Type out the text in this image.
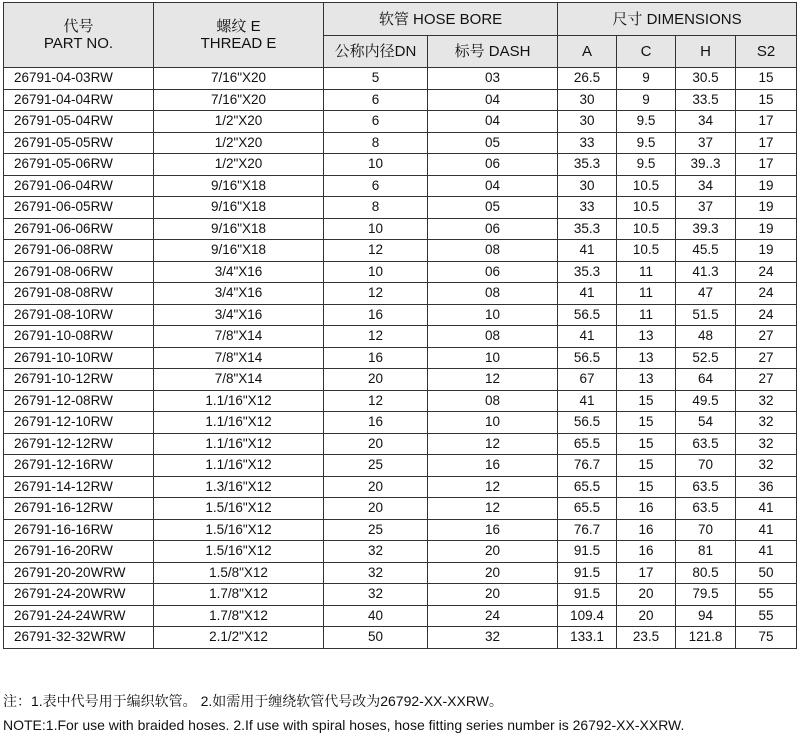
代号
PART NO.	螺纹 E
THREAD E	软管 HOSE BORE		尺寸 DIMENSIONS			
		公称内径DN	标号 DASH	A	C	H	S2
26791-04-03RW	7/16"X20	5	03	26.5	9	30.5	15
26791-04-04RW	7/16"X20	6	04	30	9	33.5	15
26791-05-04RW	1/2"X20	6	04	30	9.5	34	17
26791-05-05RW	1/2"X20	8	05	33	9.5	37	17
26791-05-06RW	1/2"X20	10	06	35.3	9.5	39..3	17
26791-06-04RW	9/16"X18	6	04	30	10.5	34	19
26791-06-05RW	9/16"X18	8	05	33	10.5	37	19
26791-06-06RW	9/16"X18	10	06	35.3	10.5	39.3	19
26791-06-08RW	9/16"X18	12	08	41	10.5	45.5	19
26791-08-06RW	3/4"X16	10	06	35.3	11	41.3	24
26791-08-08RW	3/4"X16	12	08	41	11	47	24
26791-08-10RW	3/4"X16	16	10	56.5	11	51.5	24
26791-10-08RW	7/8"X14	12	08	41	13	48	27
26791-10-10RW	7/8"X14	16	10	56.5	13	52.5	27
26791-10-12RW	7/8"X14	20	12	67	13	64	27
26791-12-08RW	1.1/16"X12	12	08	41	15	49.5	32
26791-12-10RW	1.1/16"X12	16	10	56.5	15	54	32
26791-12-12RW	1.1/16"X12	20	12	65.5	15	63.5	32
26791-12-16RW	1.1/16"X12	25	16	76.7	15	70	32
26791-14-12RW	1.3/16"X12	20	12	65.5	15	63.5	36
26791-16-12RW	1.5/16"X12	20	12	65.5	16	63.5	41
26791-16-16RW	1.5/16"X12	25	16	76.7	16	70	41
26791-16-20RW	1.5/16"X12	32	20	91.5	16	81	41
26791-20-20WRW	1.5/8"X12	32	20	91.5	17	80.5	50
26791-24-20WRW	1.7/8"X12	32	20	91.5	20	79.5	55
26791-24-24WRW	1.7/8"X12	40	24	109.4	20	94	55
26791-32-32WRW	2.1/2"X12	50	32	133.1	23.5	121.8	75
注：1.表中代号用于编织软管。 2.如需用于缠绕软管代号改为26792-XX-XXRW。
NOTE:1.For use with braided hoses. 2.If use with spiral hoses, hose fitting series number is 26792-XX-XXRW.
